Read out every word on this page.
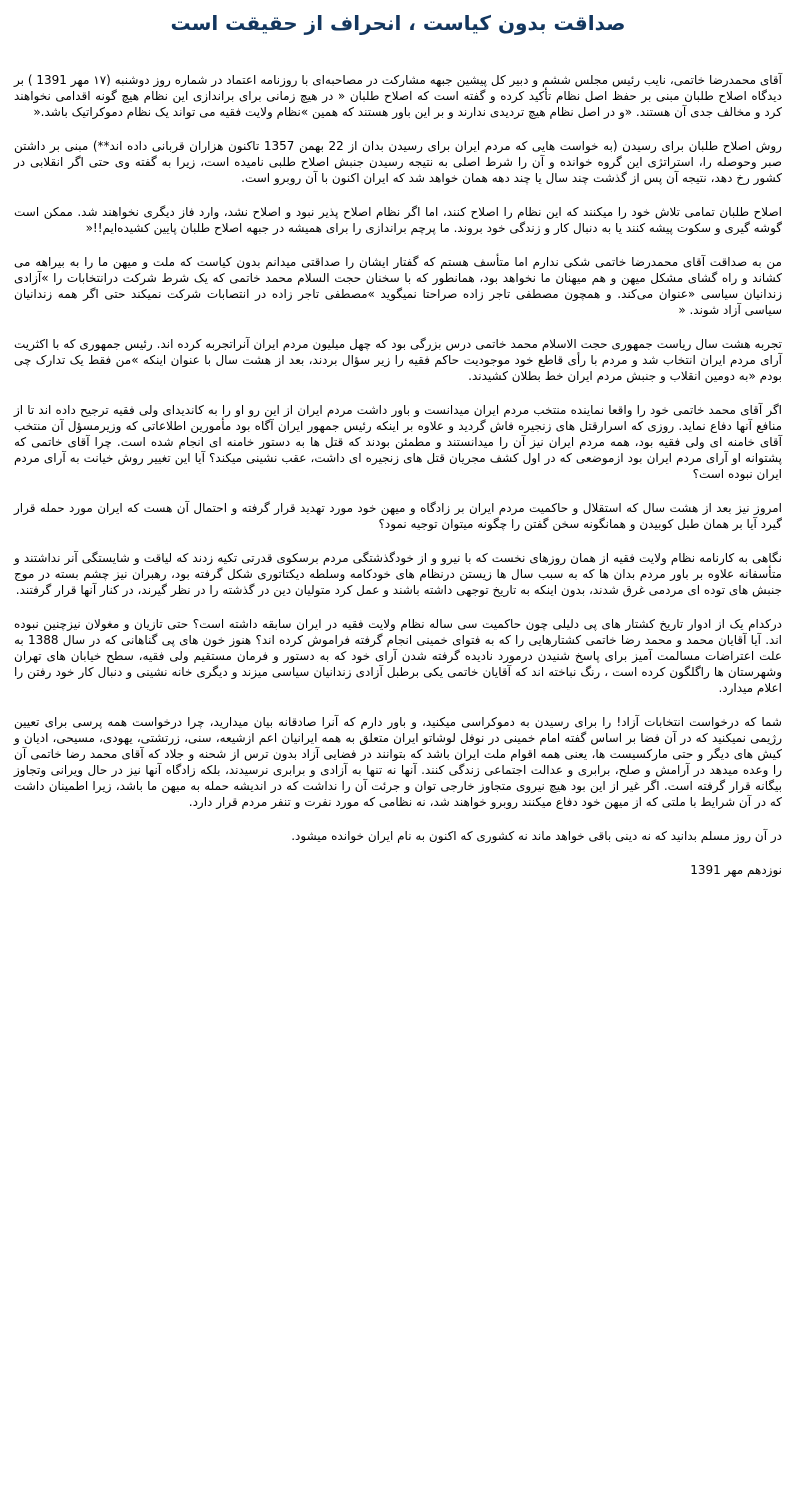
صداقت بدون کیاست ، انحراف از حقیقت است

آقای محمدرضا خاتمی، نایب رئیس مجلس ششم و دبیر کل پیشین جبهه مشارکت در مصاحبه‌ای با روزنامه اعتماد در شماره روز دوشنبه (۱۷ مهر 1391 ) بر دیدگاه اصلاح طلبان مبنی بر حفظ اصل نظام تأکید کرده و گفته است که اصلاح طلبان « در هیچ زمانی برای براندازی این نظام هیچ گونه اقدامی نخواهند کرد و مخالف جدی آن هستند. «و در اصل نظام هیچ تردیدی ندارند و بر این باور هستند که همین »نظام ولایت فقیه می تواند یک نظام دموکراتیک باشد.«

روش اصلاح طلبان برای رسیدن (به خواست هایی که مردم ایران برای رسیدن بدان از 22 بهمن 1357 تاکنون هزاران قربانی داده اند**) مبنی بر داشتن صبر وحوصله را، استراتژی این گروه خوانده و آن را شرط اصلی به نتیجه رسیدن جنبش اصلاح طلبی نامیده است، زیرا به گفته وی حتی اگر انقلابی در کشور رخ دهد، نتیجه آن پس از گذشت چند سال یا چند دهه همان خواهد شد که ایران اکنون با آن روبرو است.

اصلاح طلبان تمامی تلاش خود را میکنند که این نظام را اصلاح کنند، اما اگر نظام اصلاح پذیر نبود و اصلاح نشد، وارد فاز دیگری نخواهند شد. ممکن است گوشه گیری و سکوت پیشه کنند یا به دنبال کار و زندگی خود بروند. ما پرچم براندازی را برای همیشه در جبهه اصلاح طلبان پایین کشیده‌ایم!!«

من به صداقت آقای محمدرضا خاتمی شکی ندارم اما متأسف هستم که گفتار ایشان را صداقتی میدانم بدون کیاست که ملت و میهن ما را به بیراهه می کشاند و راه گشای مشکل میهن و هم میهنان ما نخواهد بود، همانطور که با سخنان حجت السلام محمد خاتمی که یک شرط شرکت درانتخابات را »آزادی زندانیان سیاسی «عنوان می‌کند. و همچون مصطفی تاجر زاده صراحتا نمیگوید »مصطفی تاجر زاده در انتصابات شرکت نمیکند حتی اگر همه زندانیان سیاسی آزاد شوند. «

تجربه هشت سال ریاست جمهوری حجت الاسلام محمد خاتمی درس بزرگی بود که چهل میلیون مردم ایران آنراتجربه کرده اند. رئیس جمهوری که با اکثریت آرای مردم ایران انتخاب شد و مردم با رأی قاطع خود موجودیت حاکم فقیه را زیر سؤال بردند، بعد از هشت سال با عنوان اینکه »من فقط یک تدارک چی بودم «به دومین انقلاب و جنبش مردم ایران خط بطلان کشیدند.

اگر آقای محمد خاتمی خود را واقعا نماینده منتخب مردم ایران میدانست و باور داشت مردم ایران از این رو او را به کاندیدای ولی فقیه ترجیح داده اند تا از منافع آنها دفاع نماید. روزی که اسرارقتل های زنجیره فاش گردید و علاوه بر اینکه رئیس جمهور ایران آگاه بود مأمورین اطلاعاتی که وزیرمسؤل آن منتخب آقای خامنه ای ولی فقیه بود، همه مردم ایران نیز آن را میدانستند و مطمئن بودند که قتل ها به دستور خامنه ای انجام شده است. چرا آقای خاتمی که پشتوانه او آرای مردم ایران بود ازموضعی که در اول کشف مجریان قتل های زنجیره ای داشت، عقب نشینی میکند؟ آیا این تغییر روش خیانت به آرای مردم ایران نبوده است؟

امروز نیز بعد از هشت سال که استقلال و حاکمیت مردم ایران بر زادگاه و میهن خود مورد تهدید قرار گرفته و احتمال آن هست که ایران مورد حمله قرار گیرد آیا بر همان طبل کوبیدن و همانگونه سخن گفتن را چگونه میتوان توجیه نمود؟

نگاهی به کارنامه نظام ولایت فقیه از همان روزهای نخست که با نیرو و از خودگذشتگی مردم برسکوی قدرتی تکیه زدند که لیاقت و شایستگی آنر نداشتند و متأسفانه علاوه بر باور مردم بدان ها که به سبب سال ها زیستن درنظام های خودکامه وسلطه دیکتاتوری شکل گرفته بود، رهبران نیز چشم بسته در موج جنبش های توده ای مردمی غرق شدند، بدون اینکه به تاریخ توجهی داشته باشند و عمل کرد متولیان دین در گذشته را در نظر گیرند، در کنار آنها قرار گرفتند.

درکدام یک از ادوار تاریخ کشتار های پی دلیلی چون حاکمیت سی ساله نظام ولایت فقیه در ایران سابقه داشته است؟ حتی تازیان و مغولان نیزچنین نبوده اند. آیا آقایان محمد و محمد رضا خاتمی کشتارهایی را که به فتوای خمینی انجام گرفته فراموش کرده اند؟ هنوز خون های پی گناهانی که در سال 1388 به علت اعتراضات مسالمت آمیز برای پاسخ شنیدن درمورد نادیده گرفته شدن آرای خود که به دستور و فرمان مستقیم ولی فقیه، سطح خیابان های تهران وشهرستان ها راگلگون کرده است ، رنگ نباخته اند که آقایان خاتمی یکی برطبل آزادی زندانیان سیاسی میزند و دیگری خانه نشینی و دنبال کار خود رفتن را اعلام میدارد.

شما که درخواست انتخابات آزاد! را برای رسیدن به دموکراسی میکنید، و باور دارم که آنرا صادقانه بیان میدارید، چرا درخواست همه پرسی برای تعیین رژیمی نمیکنید که در آن فضا بر اساس گفته امام خمینی در نوفل لوشاتو ایران متعلق به همه ایرانیان اعم ازشیعه، سنی، زرتشتی، یهودی، مسیحی، ادیان و کیش های دیگر و حتی مارکسیست ها، یعنی همه اقوام ملت ایران باشد که بتوانند در فضایی آزاد بدون ترس از شحنه و جلاد که آقای محمد رضا خاتمی آن را وعده میدهد در آرامش و صلح، برابری و عدالت اجتماعی زندگی کنند. آنها نه تنها به آزادی و برابری نرسیدند، بلکه زادگاه آنها نیز در حال ویرانی وتجاوز بیگانه قرار گرفته است. اگر غیر از این بود هیچ نیروی متجاوز خارجی توان و جرئت آن را نداشت که در اندیشه حمله به میهن ما باشد، زیرا اطمینان داشت که در آن شرایط با ملتی که از میهن خود دفاع میکنند روبرو خواهند شد، نه نظامی که مورد نفرت و تنفر مردم قرار دارد.

در آن روز مسلم بدانید که نه دینی باقی خواهد ماند نه کشوری که اکنون به نام ایران خوانده میشود.

نوزدهم مهر 1391
